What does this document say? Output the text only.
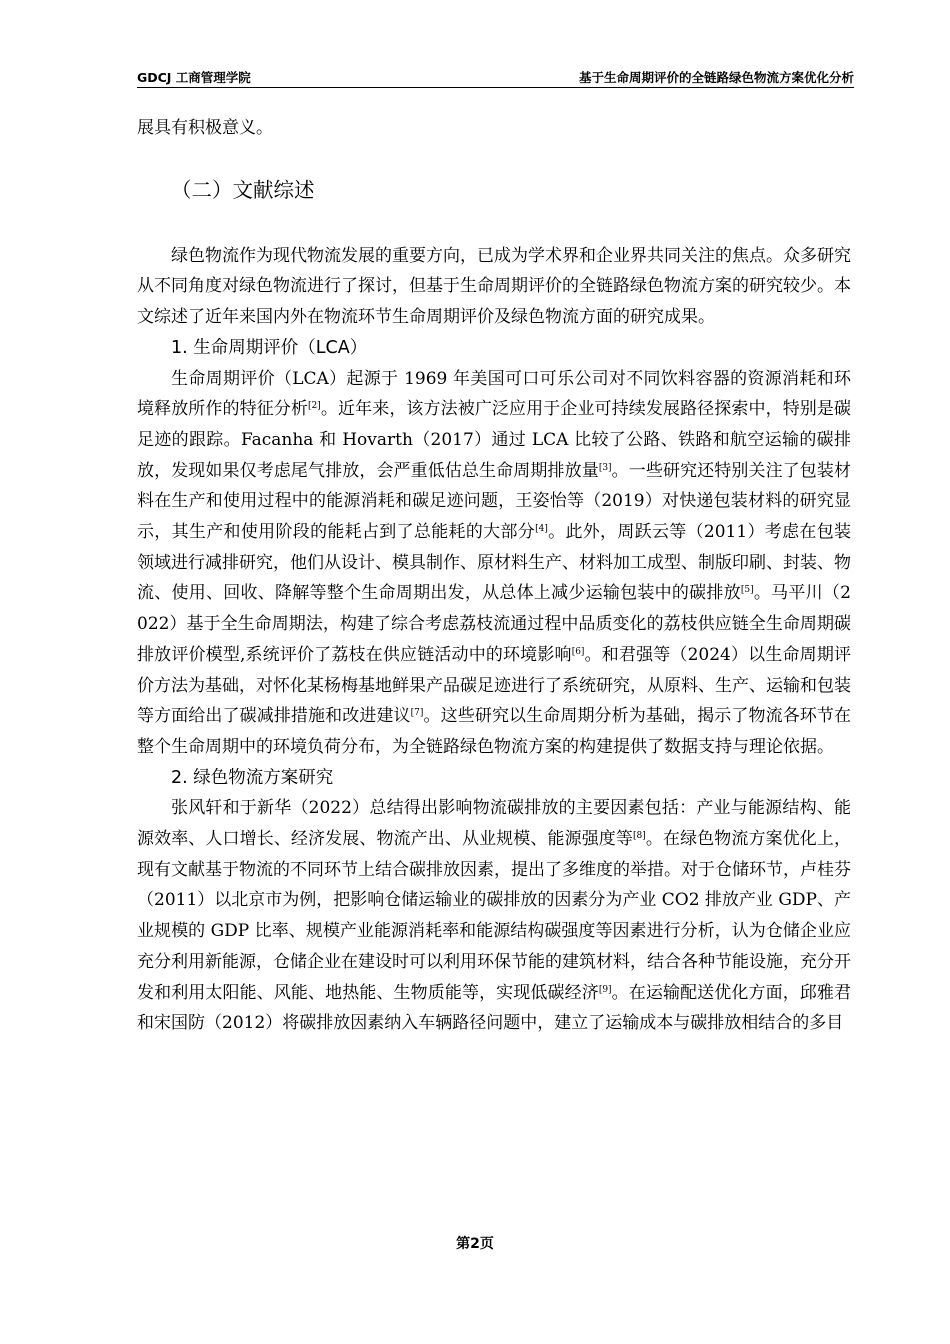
GDCJ 工商管理学院	基于生命周期评价的全链路绿色物流方案优化分析

展具有积极意义。

（二）文献综述

绿色物流作为现代物流发展的重要方向，已成为学术界和企业界共同关注的焦点。众多研究从不同角度对绿色物流进行了探讨，但基于生命周期评价的全链路绿色物流方案的研究较少。本文综述了近年来国内外在物流环节生命周期评价及绿色物流方面的研究成果。

1. 生命周期评价（LCA）

生命周期评价（LCA）起源于 1969 年美国可口可乐公司对不同饮料容器的资源消耗和环境释放所作的特征分析[2]。近年来，该方法被广泛应用于企业可持续发展路径探索中，特别是碳足迹的跟踪。Facanha 和 Hovarth（2017）通过 LCA 比较了公路、铁路和航空运输的碳排放，发现如果仅考虑尾气排放，会严重低估总生命周期排放量[3]。一些研究还特别关注了包装材料在生产和使用过程中的能源消耗和碳足迹问题，王姿怡等（2019）对快递包装材料的研究显示，其生产和使用阶段的能耗占到了总能耗的大部分[4]。此外，周跃云等（2011）考虑在包装领域进行减排研究，他们从设计、模具制作、原材料生产、材料加工成型、制版印刷、封装、物流、使用、回收、降解等整个生命周期出发，从总体上减少运输包装中的碳排放[5]。马平川（2022）基于全生命周期法，构建了综合考虑荔枝流通过程中品质变化的荔枝供应链全生命周期碳排放评价模型,系统评价了荔枝在供应链活动中的环境影响[6]。和君强等（2024）以生命周期评价方法为基础，对怀化某杨梅基地鲜果产品碳足迹进行了系统研究，从原料、生产、运输和包装等方面给出了碳减排措施和改进建议[7]。这些研究以生命周期分析为基础，揭示了物流各环节在整个生命周期中的环境负荷分布，为全链路绿色物流方案的构建提供了数据支持与理论依据。

2. 绿色物流方案研究

张风轩和于新华（2022）总结得出影响物流碳排放的主要因素包括：产业与能源结构、能源效率、人口增长、经济发展、物流产出、从业规模、能源强度等[8]。在绿色物流方案优化上，现有文献基于物流的不同环节上结合碳排放因素，提出了多维度的举措。对于仓储环节，卢桂芬（2011）以北京市为例，把影响仓储运输业的碳排放的因素分为产业 CO2 排放产业 GDP、产业规模的 GDP 比率、规模产业能源消耗率和能源结构碳强度等因素进行分析，认为仓储企业应充分利用新能源，仓储企业在建设时可以利用环保节能的建筑材料，结合各种节能设施，充分开发和利用太阳能、风能、地热能、生物质能等，实现低碳经济[9]。在运输配送优化方面，邱雅君和宋国防（2012）将碳排放因素纳入车辆路径问题中，建立了运输成本与碳排放相结合的多目

第2页
